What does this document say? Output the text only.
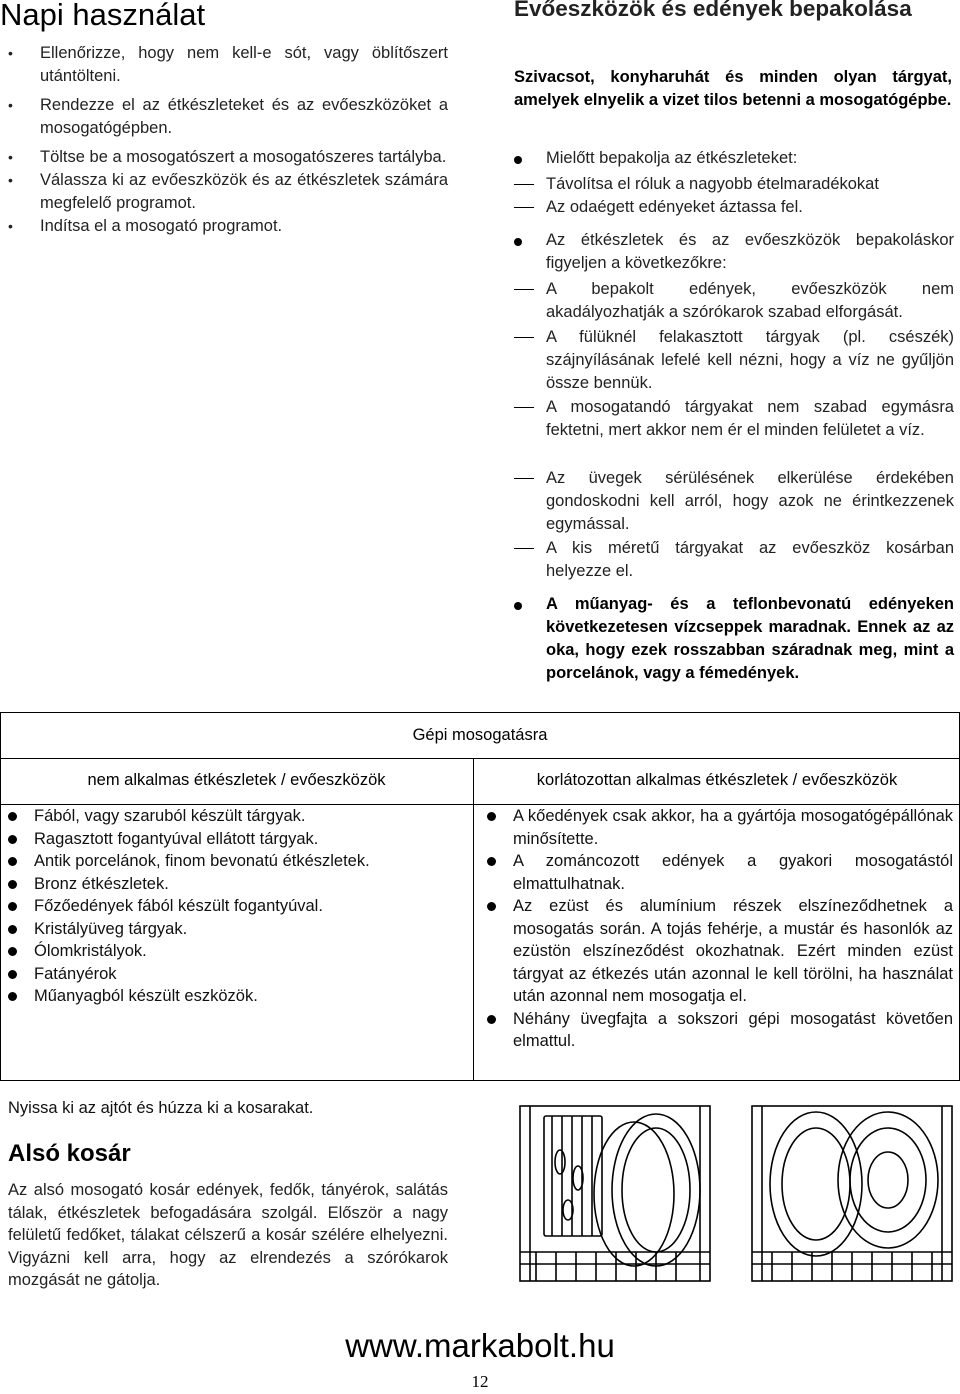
Napi használat
• Ellenőrizze, hogy nem kell-e sót, vagy öblítőszert utántölteni.
• Rendezze el az étkészleteket és az evőeszközöket a mosogatógépben.
• Töltse be a mosogatószert a mosogatószeres tartályba.
• Válassza ki az evőeszközök és az étkészletek számára megfelelő programot.
• Indítsa el a mosogató programot.
Evőeszközök és edények bepakolása

Szivacsot, konyharuhát és minden olyan tárgyat, amelyek elnyelik a vizet tilos betenni a mosogatógépbe.

Mielőtt bepakolja az étkészleteket:
Távolítsa el róluk a nagyobb ételmaradékokat
Az odaégett edényeket áztassa fel.
Az étkészletek és az evőeszközök bepakoláskor figyeljen a következőkre:
A bepakolt edények, evőeszközök nem akadályozhatják a szórókarok szabad elforgását.
A fülüknél felakasztott tárgyak (pl. csészék) szájnyílásának lefelé kell nézni, hogy a víz ne gyűljön össze bennük.
A mosogatandó tárgyakat nem szabad egymásra fektetni, mert akkor nem ér el minden felületet a víz.
Az üvegek sérülésének elkerülése érdekében gondoskodni kell arról, hogy azok ne érintkezzenek egymással.
A kis méretű tárgyakat az evőeszköz kosárban helyezze el.
A műanyag- és a teflonbevonatú edényeken következetesen vízcseppek maradnak. Ennek az az oka, hogy ezek rosszabban száradnak meg, mint a porcelánok, vagy a fémedények.
Gépi mosogatásra
nem alkalmas étkészletek / evőeszközök	korlátozottan alkalmas étkészletek / evőeszközök
Fából, vagy szaruból készült tárgyak.
Ragasztott fogantyúval ellátott tárgyak.
Antik porcelánok, finom bevonatú étkészletek.
Bronz étkészletek.
Főzőedények fából készült fogantyúval.
Kristályüveg tárgyak.
Ólomkristályok.
Fatányérok
Műanyagból készült eszközök.
A kőedények csak akkor, ha a gyártója mosogatógépállónak minősítette.
A zománcozott edények a gyakori mosogatástól elmattulhatnak.
Az ezüst és alumínium részek elszíneződhetnek a mosogatás során. A tojás fehérje, a mustár és hasonlók az ezüstön elszíneződést okozhatnak. Ezért minden ezüst tárgyat az étkezés után azonnal le kell törölni, ha használat után azonnal nem mosogatja el.
Néhány üvegfajta a sokszori gépi mosogatást követően elmattul.

Nyissa ki az ajtót és húzza ki a kosarakat.

Alsó kosár

Az alsó mosogató kosár edények, fedők, tányérok, salátás tálak, étkészletek befogadására szolgál. Először a nagy felületű fedőket, tálakat célszerű a kosár szélére elhelyezni. Vigyázni kell arra, hogy az elrendezés a szórókarok mozgását ne gátolja.

www.markabolt.hu
12
